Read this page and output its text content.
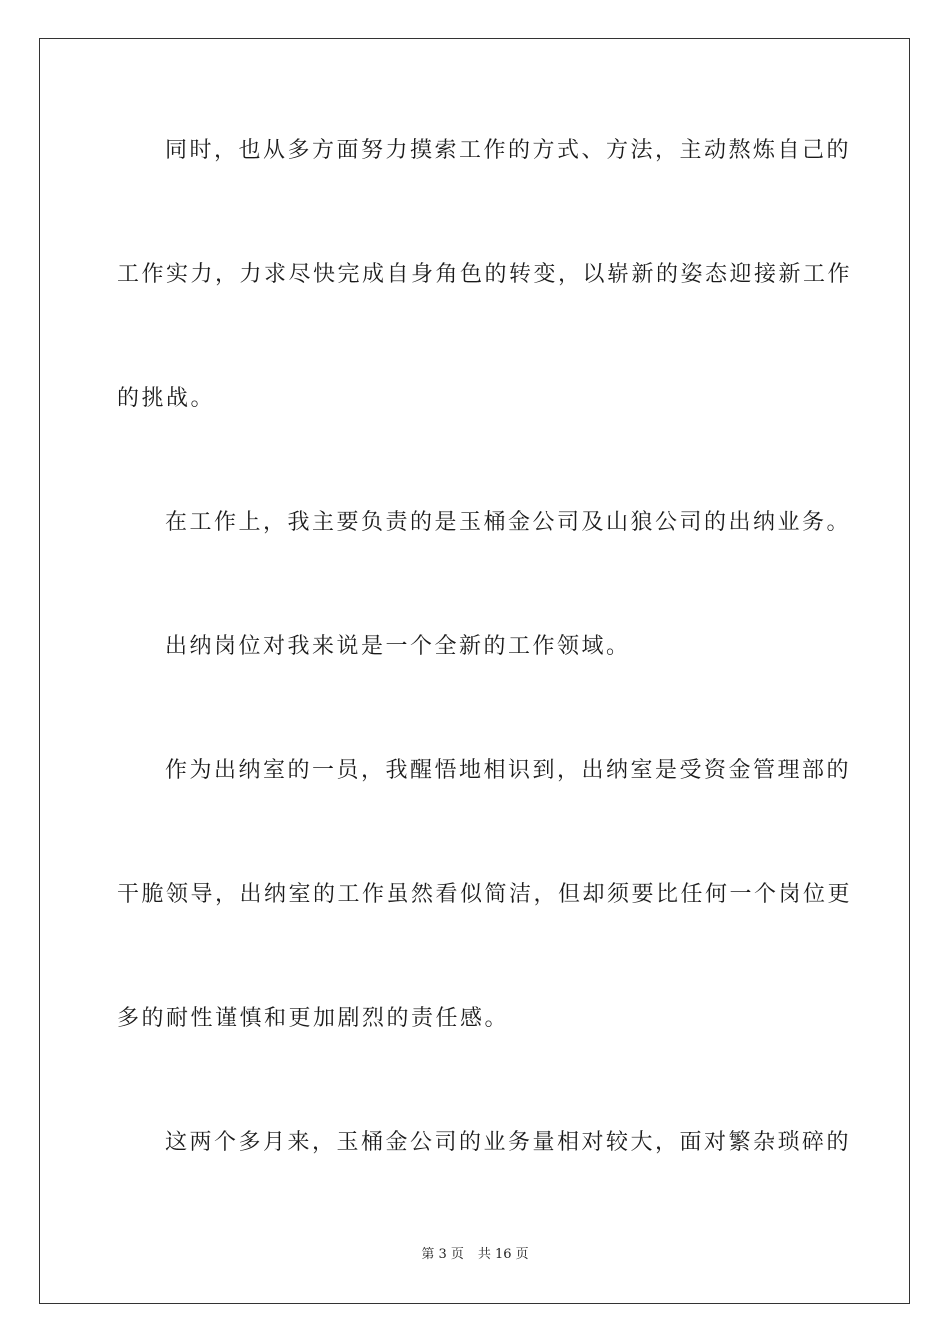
同时，也从多方面努力摸索工作的方式、方法，主动熬炼自己的
工作实力，力求尽快完成自身角色的转变，以崭新的姿态迎接新工作
的挑战。
在工作上，我主要负责的是玉桶金公司及山狼公司的出纳业务。
出纳岗位对我来说是一个全新的工作领域。
作为出纳室的一员，我醒悟地相识到，出纳室是受资金管理部的
干脆领导，出纳室的工作虽然看似简洁，但却须要比任何一个岗位更
多的耐性谨慎和更加剧烈的责任感。
这两个多月来，玉桶金公司的业务量相对较大，面对繁杂琐碎的
第 3 页 共 16 页
